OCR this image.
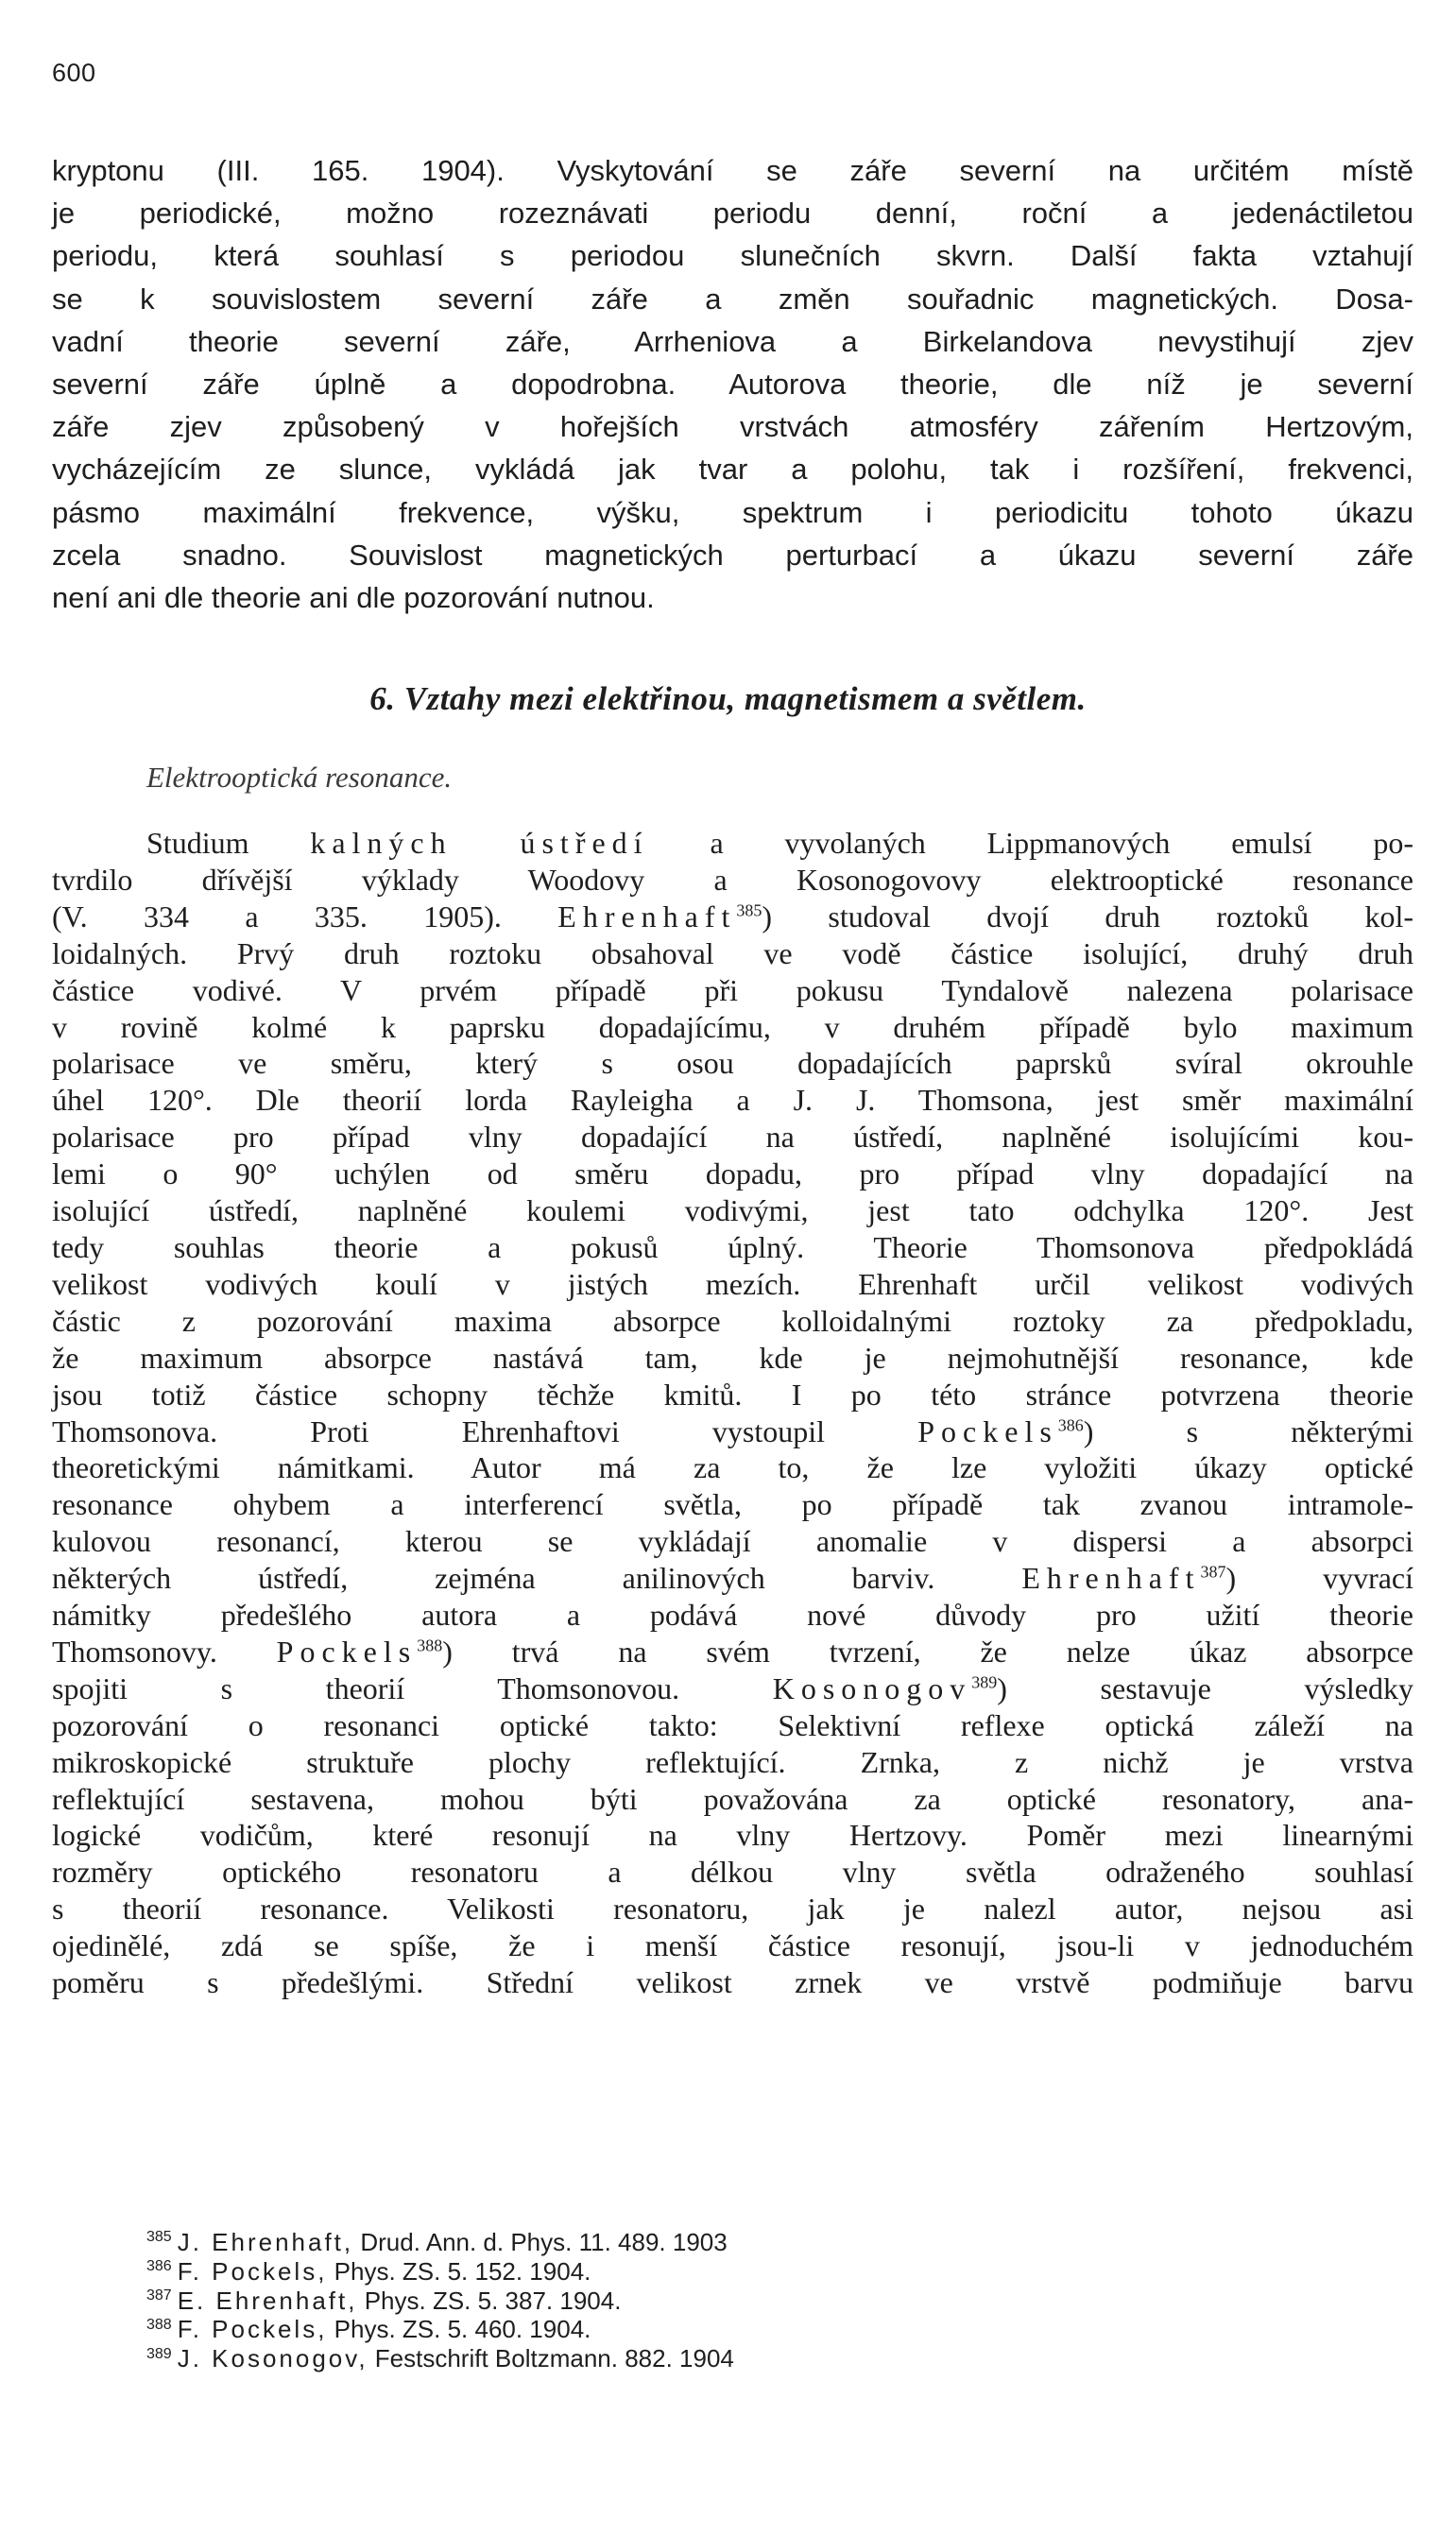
600
kryptonu (III. 165. 1904). Vyskytování se záře severní na určitém místě
je periodické, možno rozeznávati periodu denní, roční a jedenáctiletou
periodu, která souhlasí s periodou slunečních skvrn. Další fakta vztahují
se k souvislostem severní záře a změn souřadnic magnetických. Dosa-
vadní theorie severní záře, Arrheniova a Birkelandova nevystihují zjev
severní záře úplně a dopodrobna. Autorova theorie, dle níž je severní
záře zjev způsobený v hořejších vrstvách atmosféry zářením Hertzovým,
vycházejícím ze slunce, vykládá jak tvar a polohu, tak i rozšíření, frekvenci,
pásmo maximální frekvence, výšku, spektrum i periodicitu tohoto úkazu
zcela snadno. Souvislost magnetických perturbací a úkazu severní záře
není ani dle theorie ani dle pozorování nutnou.
6. Vztahy mezi elektřinou, magnetismem a světlem.
Elektrooptická resonance.
Studium kalných ústředí a vyvolaných Lippmanových emulsí po-
tvrdilo dřívější výklady Woodovy a Kosonogovovy elektrooptické resonance
(V. 334 a 335. 1905). Ehrenhaft$^{385}$) studoval dvojí druh roztoků kol-
loidalných. Prvý druh roztoku obsahoval ve vodě částice isolující, druhý druh
částice vodivé. V prvém případě při pokusu Tyndalově nalezena polarisace
v rovině kolmé k paprsku dopadajícímu, v druhém případě bylo maximum
polarisace ve směru, který s osou dopadajících paprsků svíral okrouhle
úhel 120°. Dle theorií lorda Rayleigha a J. J. Thomsona, jest směr maximální
polarisace pro případ vlny dopadající na ústředí, naplněné isolujícími kou-
lemi o 90° uchýlen od směru dopadu, pro případ vlny dopadající na
isolující ústředí, naplněné koulemi vodivými, jest tato odchylka 120°. Jest
tedy souhlas theorie a pokusů úplný. Theorie Thomsonova předpokládá
velikost vodivých koulí v jistých mezích. Ehrenhaft určil velikost vodivých
částic z pozorování maxima absorpce kolloidalnými roztoky za předpokladu,
že maximum absorpce nastává tam, kde je nejmohutnější resonance, kde
jsou totiž částice schopny těchže kmitů. I po této stránce potvrzena theorie
Thomsonova. Proti Ehrenhaftovi vystoupil	Pockels$^{386}$) s některými
theoretickými námitkami. Autor má za to, že lze vyložiti úkazy optické
resonance ohybem a interferencí světla, po případě tak zvanou intramole-
kulovou resonancí, kterou se vykládají anomalie v dispersi a absorpci
některých ústředí, zejména anilinových barviv.	Ehrenhaft$^{387}$) vyvrací
námitky předešlého autora a podává nové důvody pro užití theorie
Thomsonovy. Pockels$^{388}$) trvá na svém tvrzení, že nelze úkaz absorpce
spojiti s theorií Thomsonovou.	Kosonogov$^{389}$) sestavuje výsledky
pozorování o resonanci optické takto: Selektivní reflexe optická záleží na
mikroskopické struktuře plochy reflektující. Zrnka, z nichž je vrstva
reflektující sestavena, mohou býti považována za optické resonatory, ana-
logické vodičům, které resonují na vlny Hertzovy. Poměr mezi linearnými
rozměry optického resonatoru a délkou vlny světla odraženého souhlasí
s theorií resonance. Velikosti resonatoru, jak je nalezl autor, nejsou asi
ojedinělé, zdá se spíše, že i menší částice resonují, jsou-li v jednoduchém
poměru s předešlými. Střední velikost zrnek ve vrstvě podmiňuje barvu
$^{385}$ J. Ehrenhaft, Drud. Ann. d. Phys. 11. 489. 1903
$^{386}$ F. Pockels, Phys. ZS. 5. 152. 1904.
$^{387}$ E. Ehrenhaft, Phys. ZS. 5. 387. 1904.
$^{388}$ F. Pockels, Phys. ZS. 5. 460. 1904.
$^{389}$ J. Kosonogov, Festschrift Boltzmann. 882. 1904
